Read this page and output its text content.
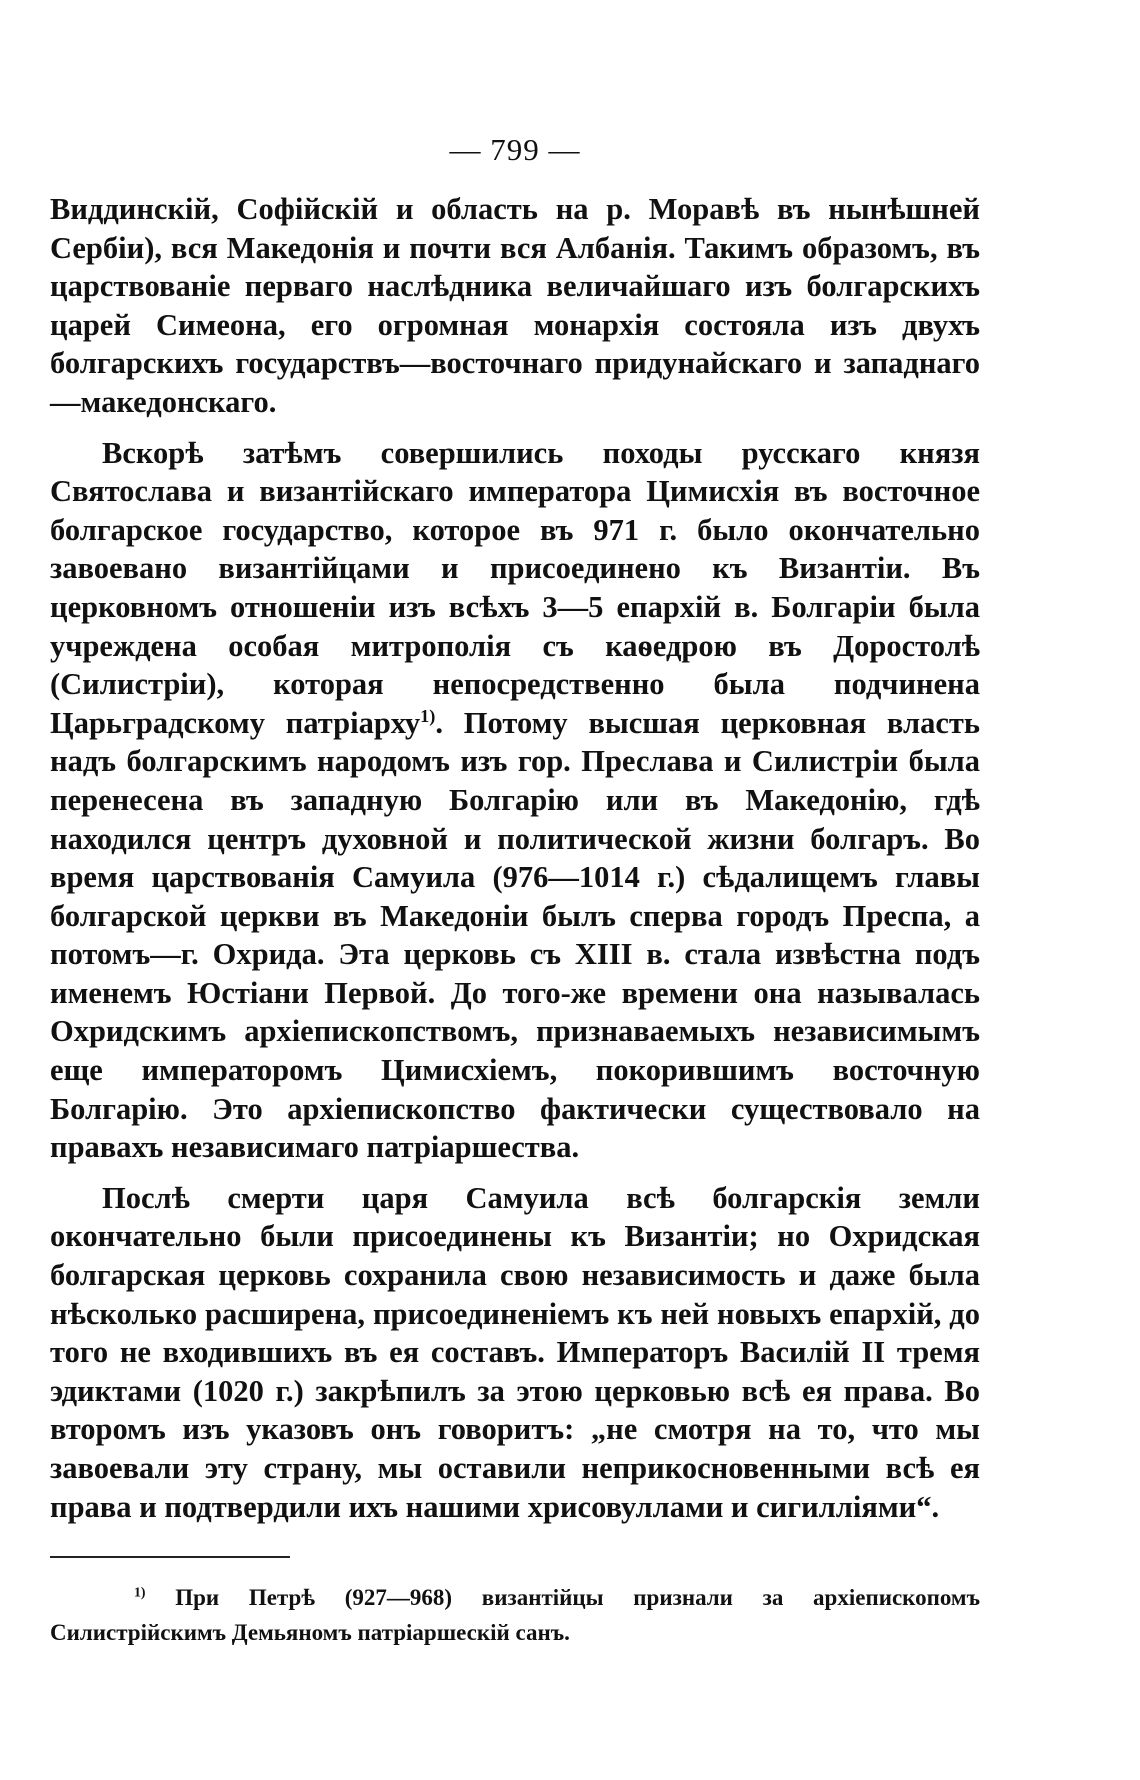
— 799 —

Виддинскій, Софійскій и область на р. Моравѣ въ нынѣшней Сербіи), вся Македонія и почти вся Албанія. Такимъ образомъ, въ царствованіе перваго наслѣдника величайшаго изъ болгарскихъ царей Симеона, его огромная монархія состояла изъ двухъ болгарскихъ государствъ—восточнаго придунайскаго и западнаго—македонскаго.

Вскорѣ затѣмъ совершились походы русскаго князя Святослава и византійскаго императора Цимисхія въ восточное болгарское государство, которое въ 971 г. было окончательно завоевано византійцами и присоединено къ Византіи. Въ церковномъ отношеніи изъ всѣхъ 3—5 епархій в. Болгаріи была учреждена особая митрополія съ каѳедрою въ Доростолѣ (Силистріи), которая непосредственно была подчинена Царьградскому патріарху$^{1)}$. Потому высшая церковная власть надъ болгарскимъ народомъ изъ гор. Преслава и Силистріи была перенесена въ западную Болгарію или въ Македонію, гдѣ находился центръ духовной и политической жизни болгаръ. Во время царствованія Самуила (976—1014 г.) сѣдалищемъ главы болгарской церкви въ Македоніи былъ сперва городъ Преспа, а потомъ—г. Охрида. Эта церковь съ XIII в. стала извѣстна подъ именемъ Юстіани Первой. До того-же времени она называлась Охридскимъ архіепископствомъ, признаваемыхъ независимымъ еще императоромъ Цимисхіемъ, покорившимъ восточную Болгарію. Это архіепископство фактически существовало на правахъ независимаго патріаршества.

Послѣ смерти царя Самуила всѣ болгарскія земли окончательно были присоединены къ Византіи; но Охридская болгарская церковь сохранила свою независимость и даже была нѣсколько расширена, присоединеніемъ къ ней новыхъ епархій, до того не входившихъ въ ея составъ. Императоръ Василій II тремя эдиктами (1020 г.) закрѣпилъ за этою церковью всѣ ея права. Во второмъ изъ указовъ онъ говоритъ: „не смотря на то, что мы завоевали эту страну, мы оставили неприкосновенными всѣ ея права и подтвердили ихъ нашими хрисовуллами и сигилліями“.

$^{1)}$ При Петрѣ (927—968) византійцы признали за архіепископомъ Силистрійскимъ Демьяномъ патріаршескій санъ.
